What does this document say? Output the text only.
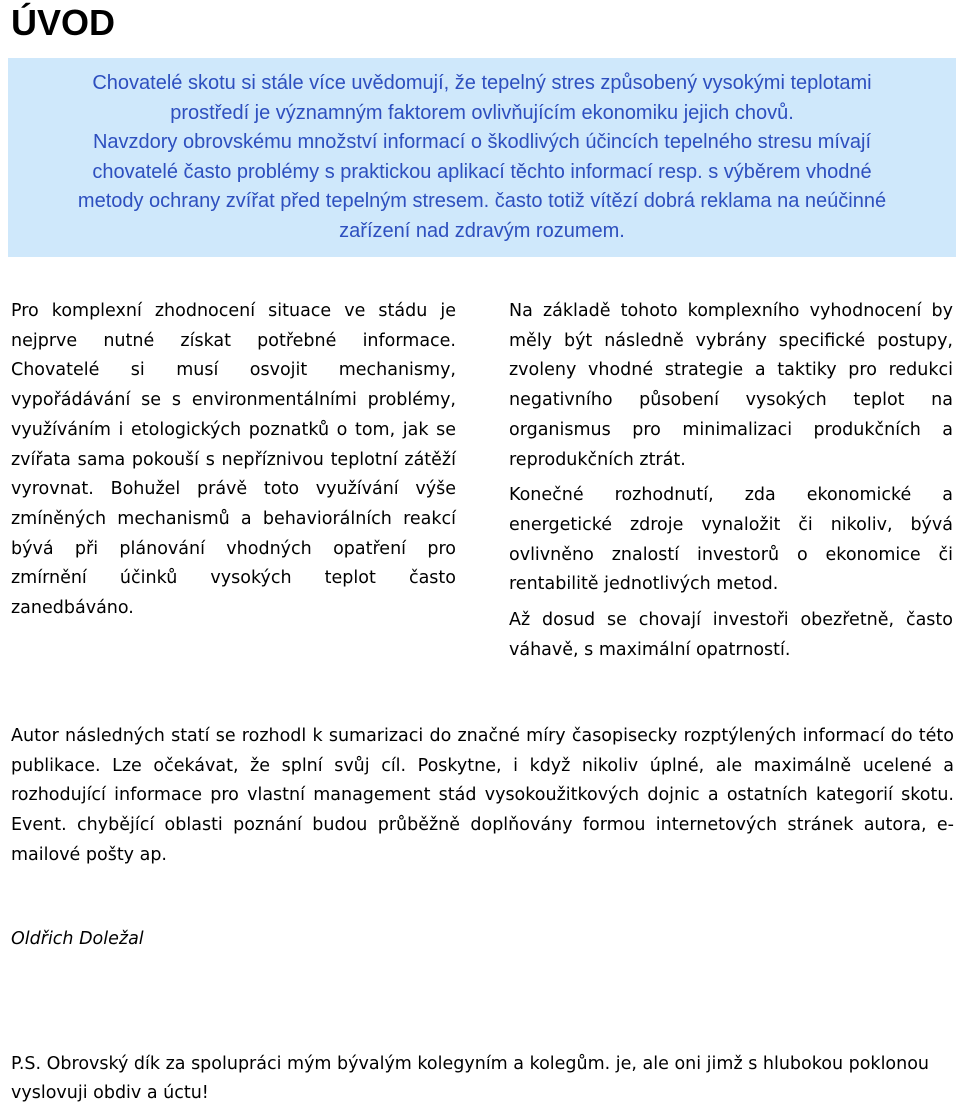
ÚVOD
Chovatelé skotu si stále více uvědomují, že tepelný stres způsobený vysokými teplotami
prostředí je významným faktorem ovlivňujícím ekonomiku jejich chovů.
Navzdory obrovskému množství informací o škodlivých účincích tepelného stresu mívají
chovatelé často problémy s praktickou aplikací těchto informací resp. s výběrem vhodné
metody ochrany zvířat před tepelným stresem. často totiž vítězí dobrá reklama na neúčinné
zařízení nad zdravým rozumem.

Pro komplexní zhodnocení situace ve stádu je nejprve nutné získat potřebné informace. Chovatelé si musí osvojit mechanismy, vypořádávání se s environmentálními problémy, využíváním i etologických poznatků o tom, jak se zvířata sama pokouší s nepříznivou teplotní zátěží vyrovnat. Bohužel právě toto využívání výše zmíněných mechanismů a behaviorálních reakcí bývá při plánování vhodných opatření pro zmírnění účinků vysokých teplot často zanedbáváno.

Na základě tohoto komplexního vyhodnocení by měly být následně vybrány specifické postupy, zvoleny vhodné strategie a taktiky pro redukci negativního působení vysokých teplot na organismus pro minimalizaci produkčních a reprodukčních ztrát.

Konečné rozhodnutí, zda ekonomické a energetické zdroje vynaložit či nikoliv, bývá ovlivněno znalostí investorů o ekonomice či rentabilitě jednotlivých metod.

Až dosud se chovají investoři obezřetně, často váhavě, s maximální opatrností.

Autor následných statí se rozhodl k sumarizaci do značné míry časopisecky rozptýlených informací do této publikace. Lze očekávat, že splní svůj cíl. Poskytne, i když nikoliv úplné, ale maximálně ucelené a rozhodující informace pro vlastní management stád vysokoužitkových dojnic a ostatních kategorií skotu. Event. chybějící oblasti poznání budou průběžně doplňovány formou internetových stránek autora, e-mailové pošty ap.

Oldřich Doležal

P.S. Obrovský dík za spolupráci mým bývalým kolegyním a kolegům. je, ale oni jimž s hlubokou poklonou vyslovuji obdiv a úctu!
